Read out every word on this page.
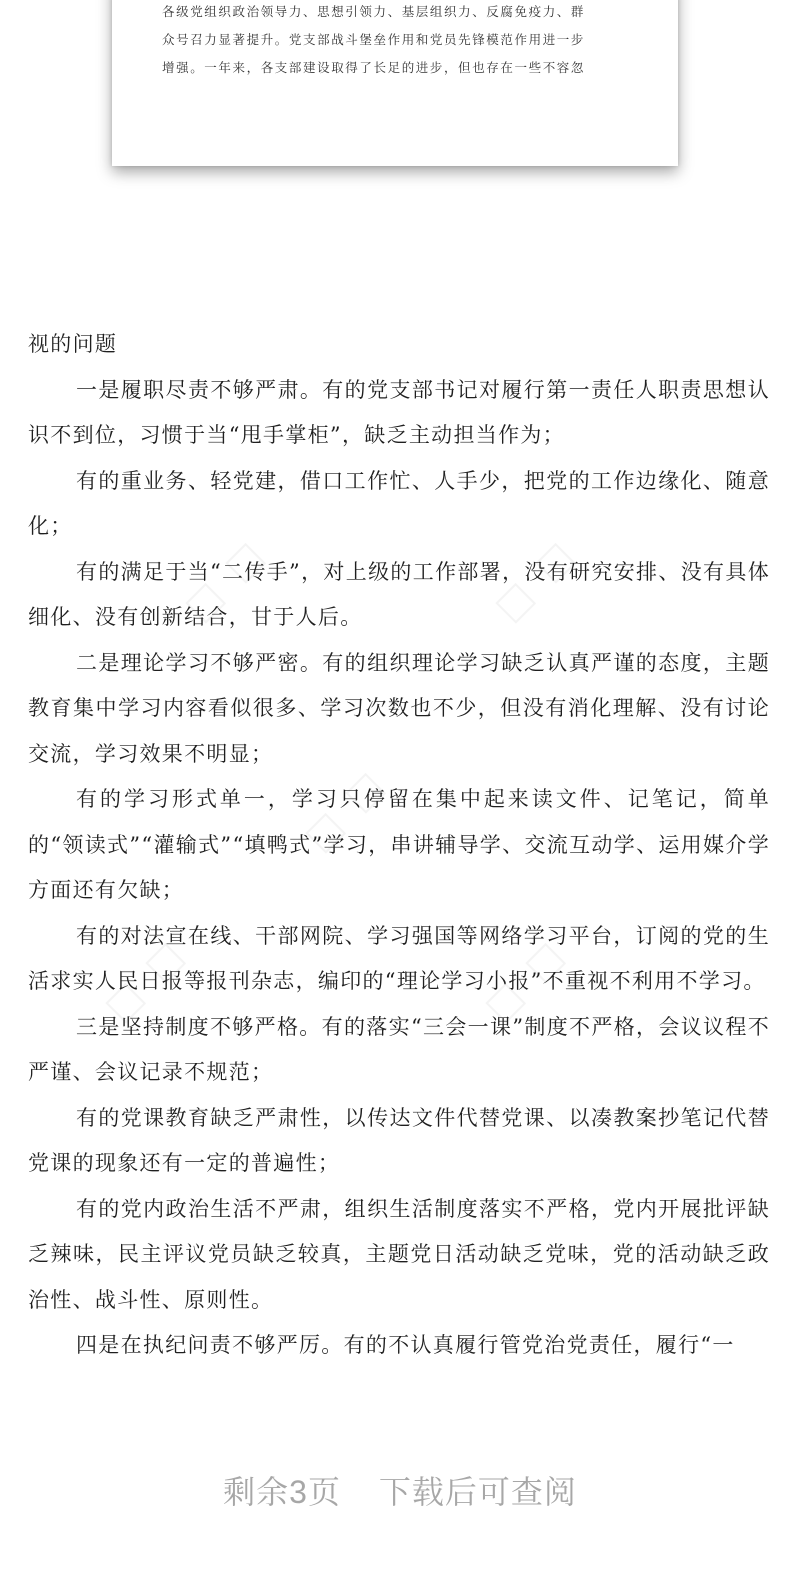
各级党组织政治领导力、思想引领力、基层组织力、反腐免疫力、群
众号召力显著提升。党支部战斗堡垒作用和党员先锋模范作用进一步
增强。一年来，各支部建设取得了长足的进步，但也存在一些不容忽

视的问题

一是履职尽责不够严肃。有的党支部书记对履行第一责任人职责思想认识不到位，习惯于当“甩手掌柜”，缺乏主动担当作为；

有的重业务、轻党建，借口工作忙、人手少，把党的工作边缘化、随意化；

有的满足于当“二传手”，对上级的工作部署，没有研究安排、没有具体细化、没有创新结合，甘于人后。

二是理论学习不够严密。有的组织理论学习缺乏认真严谨的态度，主题教育集中学习内容看似很多、学习次数也不少，但没有消化理解、没有讨论交流，学习效果不明显；

有的学习形式单一，学习只停留在集中起来读文件、记笔记，简单的“领读式”“灌输式”“填鸭式”学习，串讲辅导学、交流互动学、运用媒介学方面还有欠缺；

有的对法宣在线、干部网院、学习强国等网络学习平台，订阅的党的生活求实人民日报等报刊杂志，编印的“理论学习小报”不重视不利用不学习。

三是坚持制度不够严格。有的落实“三会一课”制度不严格，会议议程不严谨、会议记录不规范；

有的党课教育缺乏严肃性，以传达文件代替党课、以凑教案抄笔记代替党课的现象还有一定的普遍性；

有的党内政治生活不严肃，组织生活制度落实不严格，党内开展批评缺乏辣味，民主评议党员缺乏较真，主题党日活动缺乏党味，党的活动缺乏政治性、战斗性、原则性。

四是在执纪问责不够严厉。有的不认真履行管党治党责任，履行“一

剩余3页 下载后可查阅
